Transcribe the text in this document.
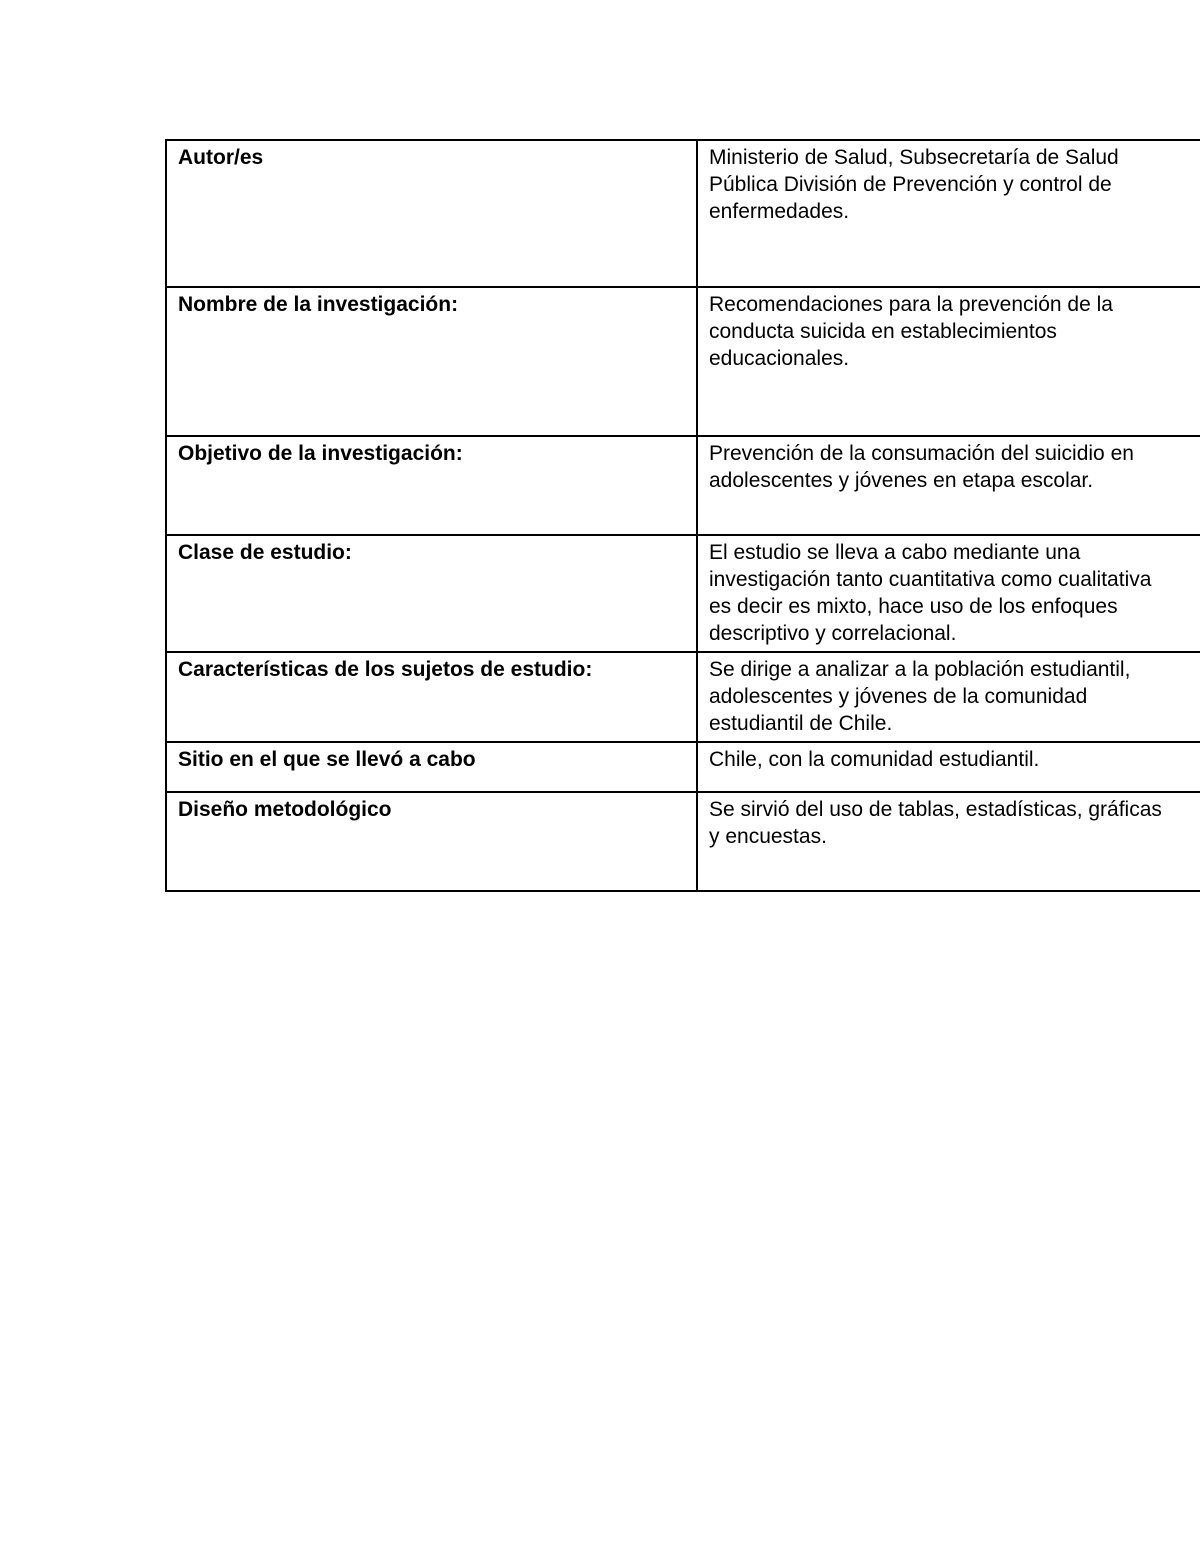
Autor/es	Ministerio de Salud, Subsecretaría de Salud
Pública División de Prevención y control de
enfermedades.

Nombre de la investigación:	Recomendaciones para la prevención de la
conducta suicida en establecimientos
educacionales.

Objetivo de la investigación:	Prevención de la consumación del suicidio en
adolescentes y jóvenes en etapa escolar.

Clase de estudio:	El estudio se lleva a cabo mediante una
investigación tanto cuantitativa como cualitativa
es decir es mixto, hace uso de los enfoques
descriptivo y correlacional.

Características de los sujetos de estudio:	Se dirige a analizar a la población estudiantil,
adolescentes y jóvenes de la comunidad
estudiantil de Chile.

Sitio en el que se llevó a cabo	Chile, con la comunidad estudiantil.

Diseño metodológico	Se sirvió del uso de tablas, estadísticas, gráficas
y encuestas.
